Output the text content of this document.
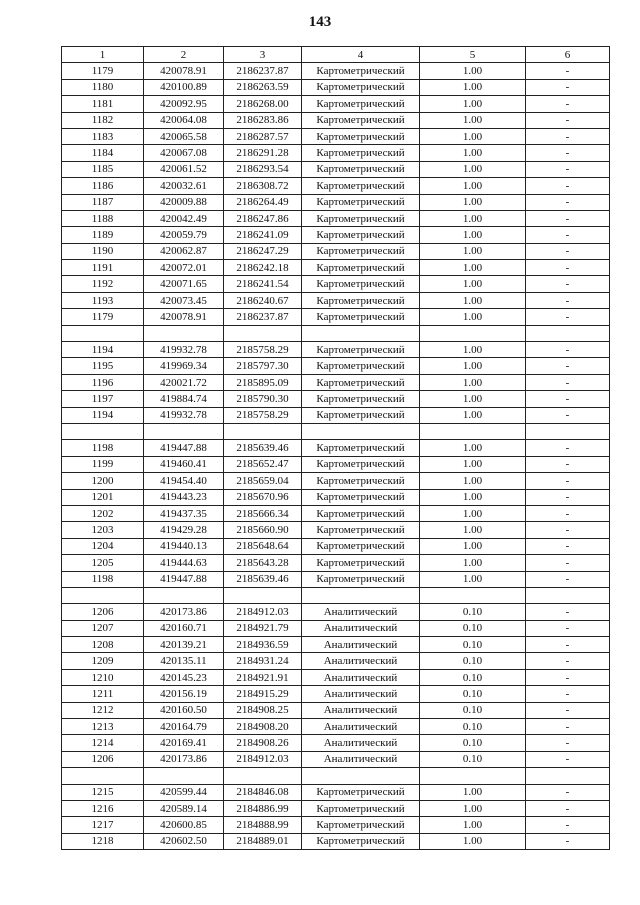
143
1	2	3	4	5	6
1179	420078.91	2186237.87	Картометрический	1.00	-
1180	420100.89	2186263.59	Картометрический	1.00	-
1181	420092.95	2186268.00	Картометрический	1.00	-
1182	420064.08	2186283.86	Картометрический	1.00	-
1183	420065.58	2186287.57	Картометрический	1.00	-
1184	420067.08	2186291.28	Картометрический	1.00	-
1185	420061.52	2186293.54	Картометрический	1.00	-
1186	420032.61	2186308.72	Картометрический	1.00	-
1187	420009.88	2186264.49	Картометрический	1.00	-
1188	420042.49	2186247.86	Картометрический	1.00	-
1189	420059.79	2186241.09	Картометрический	1.00	-
1190	420062.87	2186247.29	Картометрический	1.00	-
1191	420072.01	2186242.18	Картометрический	1.00	-
1192	420071.65	2186241.54	Картометрический	1.00	-
1193	420073.45	2186240.67	Картометрический	1.00	-
1179	420078.91	2186237.87	Картометрический	1.00	-

1194	419932.78	2185758.29	Картометрический	1.00	-
1195	419969.34	2185797.30	Картометрический	1.00	-
1196	420021.72	2185895.09	Картометрический	1.00	-
1197	419884.74	2185790.30	Картометрический	1.00	-
1194	419932.78	2185758.29	Картометрический	1.00	-

1198	419447.88	2185639.46	Картометрический	1.00	-
1199	419460.41	2185652.47	Картометрический	1.00	-
1200	419454.40	2185659.04	Картометрический	1.00	-
1201	419443.23	2185670.96	Картометрический	1.00	-
1202	419437.35	2185666.34	Картометрический	1.00	-
1203	419429.28	2185660.90	Картометрический	1.00	-
1204	419440.13	2185648.64	Картометрический	1.00	-
1205	419444.63	2185643.28	Картометрический	1.00	-
1198	419447.88	2185639.46	Картометрический	1.00	-

1206	420173.86	2184912.03	Аналитический	0.10	-
1207	420160.71	2184921.79	Аналитический	0.10	-
1208	420139.21	2184936.59	Аналитический	0.10	-
1209	420135.11	2184931.24	Аналитический	0.10	-
1210	420145.23	2184921.91	Аналитический	0.10	-
1211	420156.19	2184915.29	Аналитический	0.10	-
1212	420160.50	2184908.25	Аналитический	0.10	-
1213	420164.79	2184908.20	Аналитический	0.10	-
1214	420169.41	2184908.26	Аналитический	0.10	-
1206	420173.86	2184912.03	Аналитический	0.10	-

1215	420599.44	2184846.08	Картометрический	1.00	-
1216	420589.14	2184886.99	Картометрический	1.00	-
1217	420600.85	2184888.99	Картометрический	1.00	-
1218	420602.50	2184889.01	Картометрический	1.00	-
